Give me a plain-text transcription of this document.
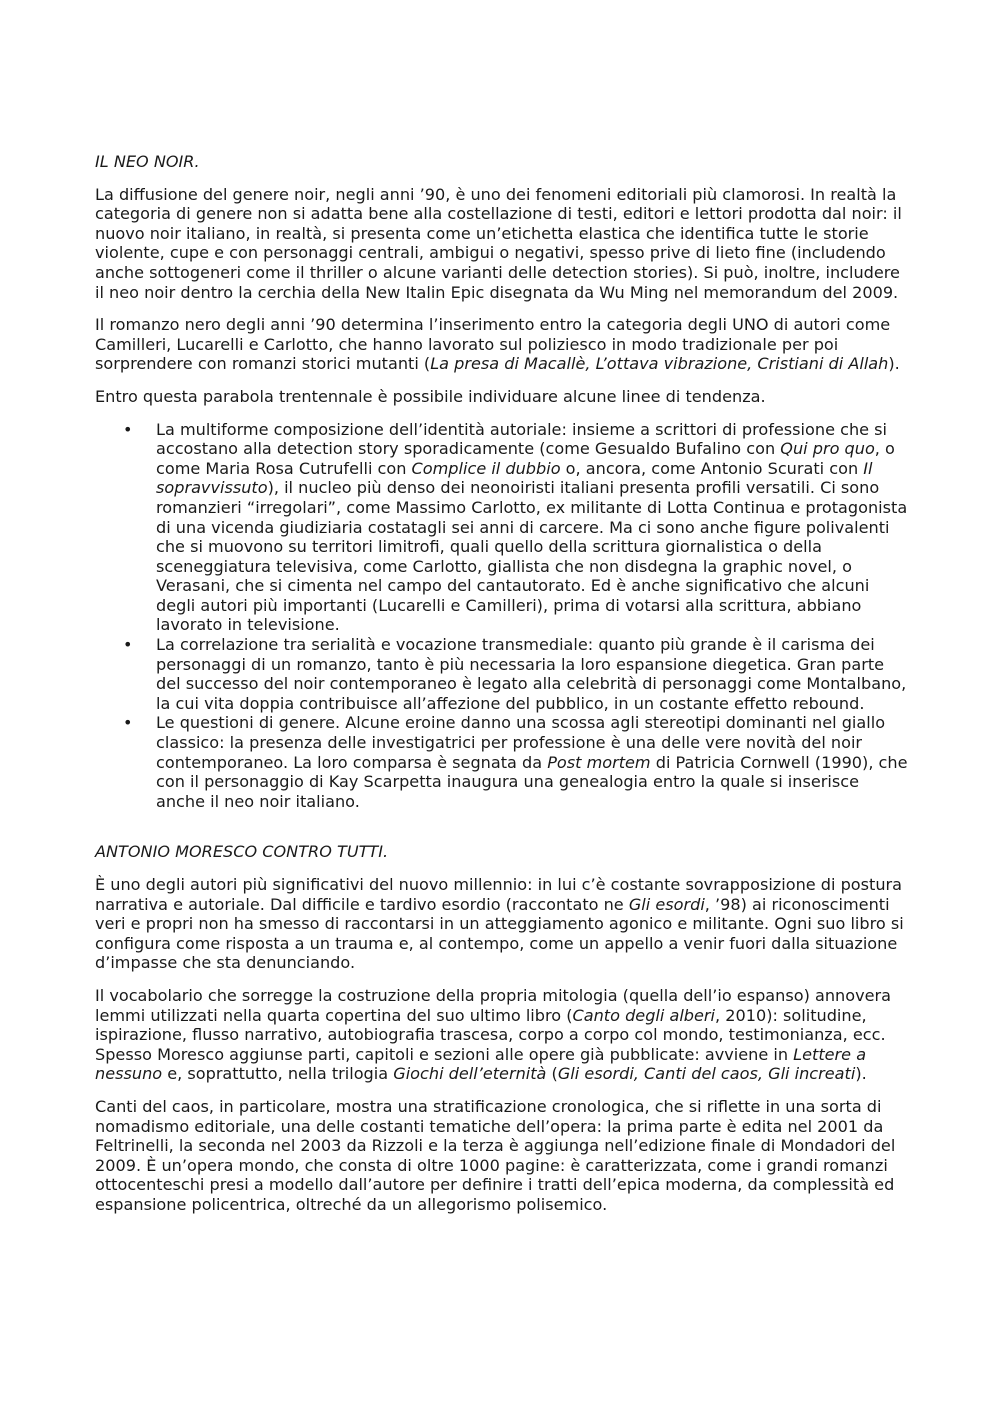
IL NEO NOIR.

La diffusione del genere noir, negli anni ’90, è uno dei fenomeni editoriali più clamorosi. In realtà la categoria di genere non si adatta bene alla costellazione di testi, editori e lettori prodotta dal noir: il nuovo noir italiano, in realtà, si presenta come un’etichetta elastica che identifica tutte le storie violente, cupe e con personaggi centrali, ambigui o negativi, spesso prive di lieto fine (includendo anche sottogeneri come il thriller o alcune varianti delle detection stories). Si può, inoltre, includere il neo noir dentro la cerchia della New Italin Epic disegnata da Wu Ming nel memorandum del 2009.

Il romanzo nero degli anni ’90 determina l’inserimento entro la categoria degli UNO di autori come Camilleri, Lucarelli e Carlotto, che hanno lavorato sul poliziesco in modo tradizionale per poi sorprendere con romanzi storici mutanti (La presa di Macallè, L’ottava vibrazione, Cristiani di Allah).

Entro questa parabola trentennale è possibile individuare alcune linee di tendenza.

• La multiforme composizione dell’identità autoriale: insieme a scrittori di professione che si accostano alla detection story sporadicamente (come Gesualdo Bufalino con Qui pro quo, o come Maria Rosa Cutrufelli con Complice il dubbio o, ancora, come Antonio Scurati con Il sopravvissuto), il nucleo più denso dei neonoiristi italiani presenta profili versatili. Ci sono romanzieri “irregolari”, come Massimo Carlotto, ex militante di Lotta Continua e protagonista di una vicenda giudiziaria costatagli sei anni di carcere. Ma ci sono anche figure polivalenti che si muovono su territori limitrofi, quali quello della scrittura giornalistica o della sceneggiatura televisiva, come Carlotto, giallista che non disdegna la graphic novel, o Verasani, che si cimenta nel campo del cantautorato. Ed è anche significativo che alcuni degli autori più importanti (Lucarelli e Camilleri), prima di votarsi alla scrittura, abbiano lavorato in televisione.
• La correlazione tra serialità e vocazione transmediale: quanto più grande è il carisma dei personaggi di un romanzo, tanto è più necessaria la loro espansione diegetica. Gran parte del successo del noir contemporaneo è legato alla celebrità di personaggi come Montalbano, la cui vita doppia contribuisce all’affezione del pubblico, in un costante effetto rebound.
• Le questioni di genere. Alcune eroine danno una scossa agli stereotipi dominanti nel giallo classico: la presenza delle investigatrici per professione è una delle vere novità del noir contemporaneo. La loro comparsa è segnata da Post mortem di Patricia Cornwell (1990), che con il personaggio di Kay Scarpetta inaugura una genealogia entro la quale si inserisce anche il neo noir italiano.

ANTONIO MORESCO CONTRO TUTTI.

È uno degli autori più significativi del nuovo millennio: in lui c’è costante sovrapposizione di postura narrativa e autoriale. Dal difficile e tardivo esordio (raccontato ne Gli esordi, ’98) ai riconoscimenti veri e propri non ha smesso di raccontarsi in un atteggiamento agonico e militante. Ogni suo libro si configura come risposta a un trauma e, al contempo, come un appello a venir fuori dalla situazione d’impasse che sta denunciando.

Il vocabolario che sorregge la costruzione della propria mitologia (quella dell’io espanso) annovera lemmi utilizzati nella quarta copertina del suo ultimo libro (Canto degli alberi, 2010): solitudine, ispirazione, flusso narrativo, autobiografia trascesa, corpo a corpo col mondo, testimonianza, ecc. Spesso Moresco aggiunse parti, capitoli e sezioni alle opere già pubblicate: avviene in Lettere a nessuno e, soprattutto, nella trilogia Giochi dell’eternità (Gli esordi, Canti del caos, Gli increati).

Canti del caos, in particolare, mostra una stratificazione cronologica, che si riflette in una sorta di nomadismo editoriale, una delle costanti tematiche dell’opera: la prima parte è edita nel 2001 da Feltrinelli, la seconda nel 2003 da Rizzoli e la terza è aggiunga nell’edizione finale di Mondadori del 2009. È un’opera mondo, che consta di oltre 1000 pagine: è caratterizzata, come i grandi romanzi ottocenteschi presi a modello dall’autore per definire i tratti dell’epica moderna, da complessità ed espansione policentrica, oltreché da un allegorismo polisemico.
